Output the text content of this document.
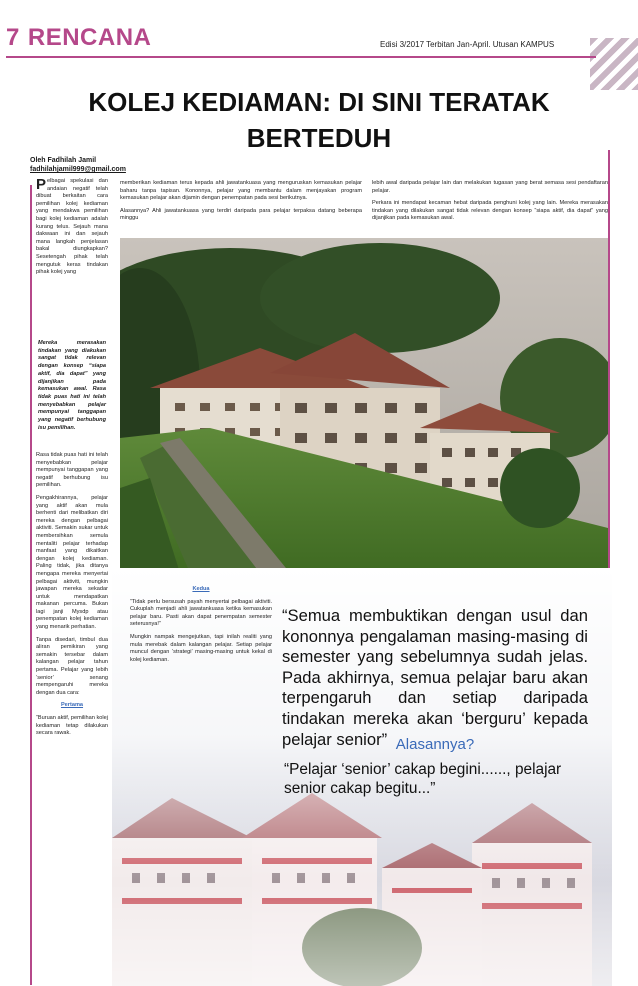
7 RENCANA	Edisi 3/2017 Terbitan Jan-April. Utusan KAMPUS
KOLEJ KEDIAMAN: DI SINI TERATAK
BERTEDUH
Oleh Fadhilah Jamil
fadhilahjamil999@gmail.com

Pelbagai spekulasi dan andaian negatif telah dibuat berkaitan cara pemilihan kolej kediaman yang mendakwa pemilihan bagi kolej kediaman adalah kurang telus. Sejauh mana dakwaan ini dan sejauh mana langkah penjelasan bakal diungkapkan? Sesetengah pihak telah mengutuk keras tindakan pihak kolej yang

Mereka merasakan tindakan yang diakukan sangat tidak relevan dengan konsep “siapa aktif, dia dapat” yang dijanjikan pada kemasukan awal. Rasa tidak puas hati ini telah menyebabkan pelajar mempunyai tanggapan yang negatif berhubung isu pemilihan.

Rasa tidak puas hati ini telah menyebabkan pelajar mempunyai tanggapan yang negatif berhubung isu pemilihan.

Pengakhirannya, pelajar yang aktif akan mula berhenti dari melibatkan diri mereka dengan pelbagai aktiviti. Semakin sukar untuk membersihkan semula mentaliti pelajar terhadap manfaat yang dikaitkan dengan kolej kediaman. Paling tidak, jika ditanya mengapa mereka menyertai pelbagai aktiviti, mungkin jawapan mereka sekadar untuk mendapatkan makanan percuma. Bukan lagi janji Mysdp atau penempatan kolej kediaman yang menarik perhatian.

Tanpa disedari, timbul dua aliran pemikiran yang semakin tersebar dalam kalangan pelajar tahun pertama. Pelajar yang lebih ‘senior’ senang mempengaruhi mereka dengan dua cara:

Pertama

“Buruan aktif, pemilihan kolej kediaman tetap dilakukan secara rawak.

memberikan kediaman terus kepada ahli jawatankuasa yang menguruskan kemasukan pelajar baharu tanpa tapisan. Kononnya, pelajar yang membantu dalam menjayakan program kemasukan pelajar akan dijamin dengan penempatan pada sesi berikutnya.

Alasannya? Ahli jawatankuasa yang terdiri daripada para pelajar terpaksa datang beberapa minggu

lebih awal daripada pelajar lain dan melakukan tugasan yang berat semasa sesi pendaftaran pelajar.

Perkara ini mendapat kecaman hebat daripada penghuni kolej yang lain. Mereka merasakan tindakan yang dilakukan sangat tidak relevan dengan konsep “siapa aktif, dia dapat” yang dijanjikan pada kemasukan awal.

Kedua

“Tidak perlu bersusah payah menyertai pelbagai aktiviti. Cukuplah menjadi ahli jawatankuasa ketika kemasukan pelajar baru. Pasti akan dapat penempatan semester seterusnya!”

Mungkin nampak mengejutkan, tapi inilah realiti yang mula merebak dalam kalangan pelajar. Setiap pelajar muncul dengan ‘strategi’ masing-masing untuk kekal di kolej kediaman.

“Semua membuktikan dengan usul dan kononnya pengalaman masing-masing di semester yang sebelumnya sudah jelas. Pada akhirnya, semua pelajar baru akan terpengaruh dan setiap daripada tindakan mereka akan ‘berguru’ kepada pelajar senior” Alasannya?
“Pelajar ‘senior’ cakap begini......, pelajar senior cakap begitu...”
